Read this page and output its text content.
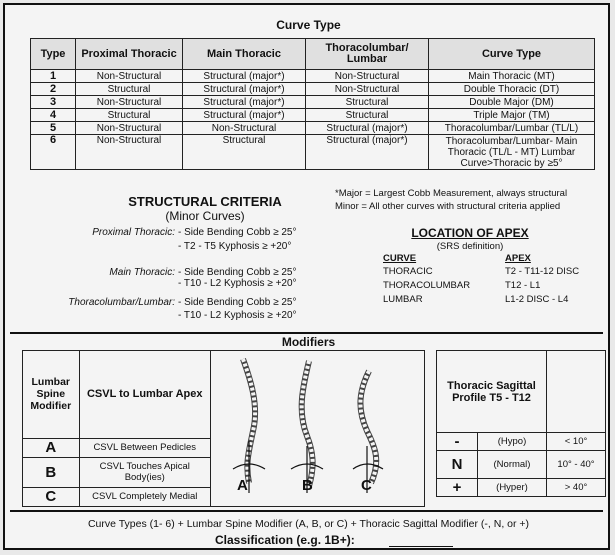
Curve Type
Type	Proximal Thoracic	Main Thoracic	Thoracolumbar/ Lumbar	Curve Type
1	Non-Structural	Structural (major*)	Non-Structural	Main Thoracic (MT)
2	Structural	Structural (major*)	Non-Structural	Double Thoracic (DT)
3	Non-Structural	Structural (major*)	Structural	Double Major (DM)
4	Structural	Structural (major*)	Structural	Triple Major (TM)
5	Non-Structural	Non-Structural	Structural (major*)	Thoracolumbar/Lumbar (TL/L)
6	Non-Structural	Structural	Structural (major*)	Thoracolumbar/Lumbar- Main Thoracic (TL/L - MT) Lumbar Curve>Thoracic by ≥5°
STRUCTURAL CRITERIA
(Minor Curves)
Proximal Thoracic: - Side Bending Cobb ≥ 25°
- T2 - T5 Kyphosis ≥ +20°
Main Thoracic: - Side Bending Cobb ≥ 25°
- T10 - L2 Kyphosis ≥ +20°
Thoracolumbar/Lumbar: - Side Bending Cobb ≥ 25°
- T10 - L2 Kyphosis ≥ +20°
*Major = Largest Cobb Measurement, always structural
Minor = All other curves with structural criteria applied
LOCATION OF APEX
(SRS definition)
CURVE	APEX
THORACIC	T2 - T11-12 DISC
THORACOLUMBAR	T12 - L1
LUMBAR	L1-2 DISC - L4
Modifiers
Lumbar Spine Modifier	CSVL to Lumbar Apex	A B C

A	CSVL Between Pedicles	
B	CSVL Touches Apical Body(ies)	
C	CSVL Completely Medial	
Thoracic Sagittal Profile T5 - T12		
-	(Hypo)	< 10°
N	(Normal)	10° - 40°
+	(Hyper)	> 40°
Curve Types (1- 6) + Lumbar Spine Modifier (A, B, or C) + Thoracic Sagittal Modifier (-, N, or +)
Classification (e.g. 1B+):
